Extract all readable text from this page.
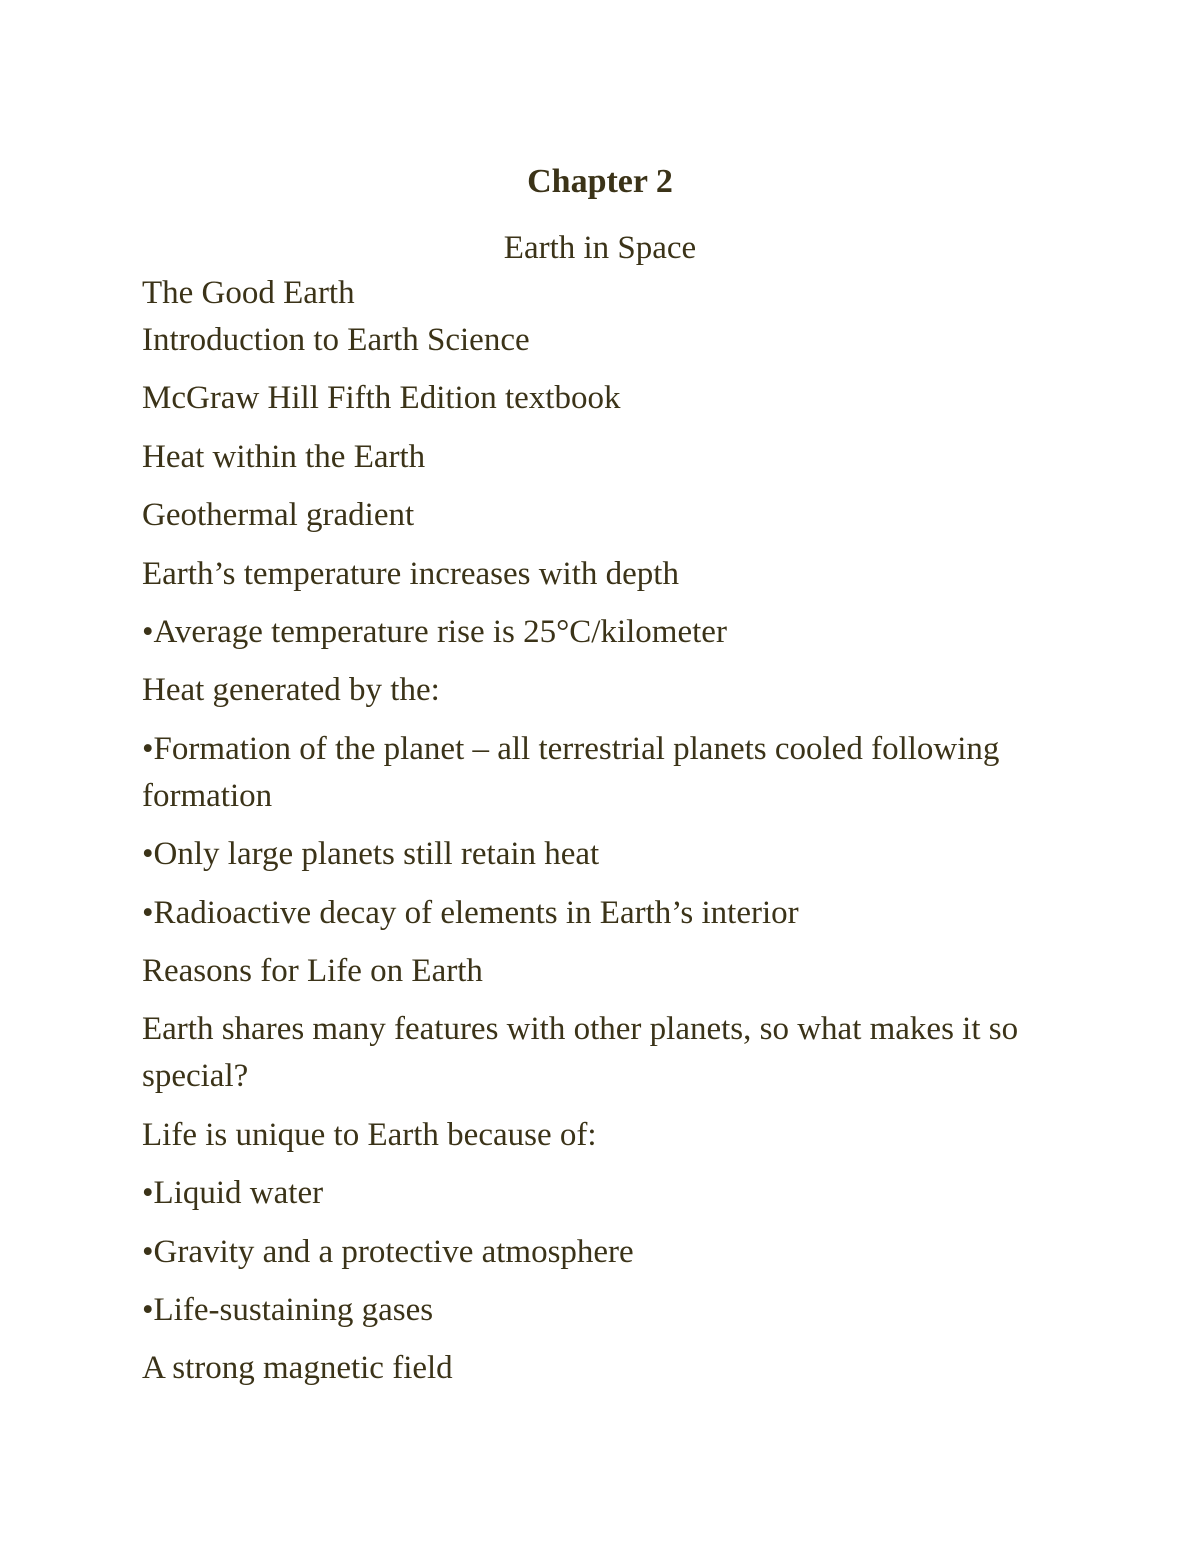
Chapter 2
Earth in Space
The Good Earth
Introduction to Earth Science
McGraw Hill Fifth Edition textbook
Heat within the Earth
Geothermal gradient
Earth’s temperature increases with depth
•Average temperature rise is 25°C/kilometer
Heat generated by the:
•Formation of the planet – all terrestrial planets cooled following formation
•Only large planets still retain heat
•Radioactive decay of elements in Earth’s interior
Reasons for Life on Earth
Earth shares many features with other planets, so what makes it so special?
Life is unique to Earth because of:
•Liquid water
•Gravity and a protective atmosphere
•Life-sustaining gases
A strong magnetic field
